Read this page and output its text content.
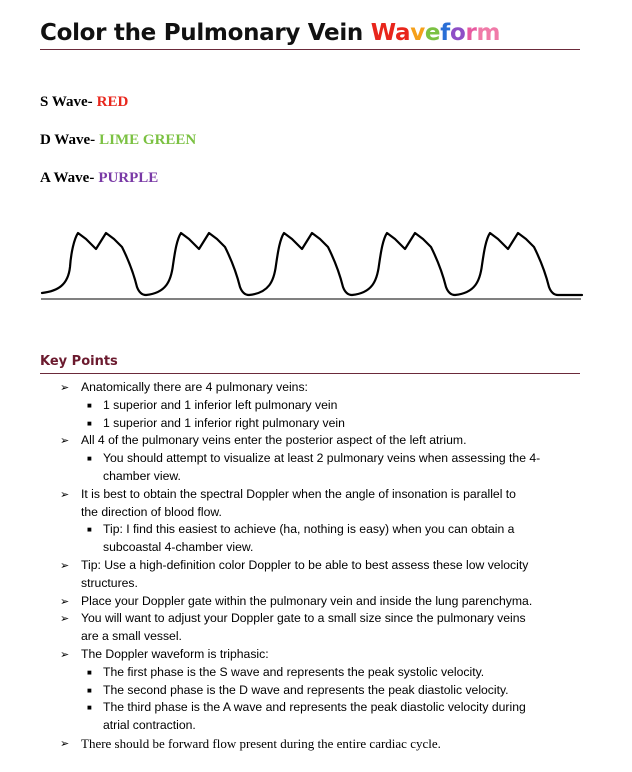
Color the Pulmonary Vein Waveform
S Wave- RED
D Wave- LIME GREEN
A Wave- PURPLE
Key Points
➢ Anatomically there are 4 pulmonary veins:
■ 1 superior and 1 inferior left pulmonary vein
■ 1 superior and 1 inferior right pulmonary vein
➢ All 4 of the pulmonary veins enter the posterior aspect of the left atrium.
■ You should attempt to visualize at least 2 pulmonary veins when assessing the 4-
chamber view.
➢ It is best to obtain the spectral Doppler when the angle of insonation is parallel to
the direction of blood flow.
■ Tip: I find this easiest to achieve (ha, nothing is easy) when you can obtain a
subcoastal 4-chamber view.
➢ Tip: Use a high-definition color Doppler to be able to best assess these low velocity
structures.
➢ Place your Doppler gate within the pulmonary vein and inside the lung parenchyma.
➢ You will want to adjust your Doppler gate to a small size since the pulmonary veins
are a small vessel.
➢ The Doppler waveform is triphasic:
■ The first phase is the S wave and represents the peak systolic velocity.
■ The second phase is the D wave and represents the peak diastolic velocity.
■ The third phase is the A wave and represents the peak diastolic velocity during
atrial contraction.
➢ There should be forward flow present during the entire cardiac cycle.
